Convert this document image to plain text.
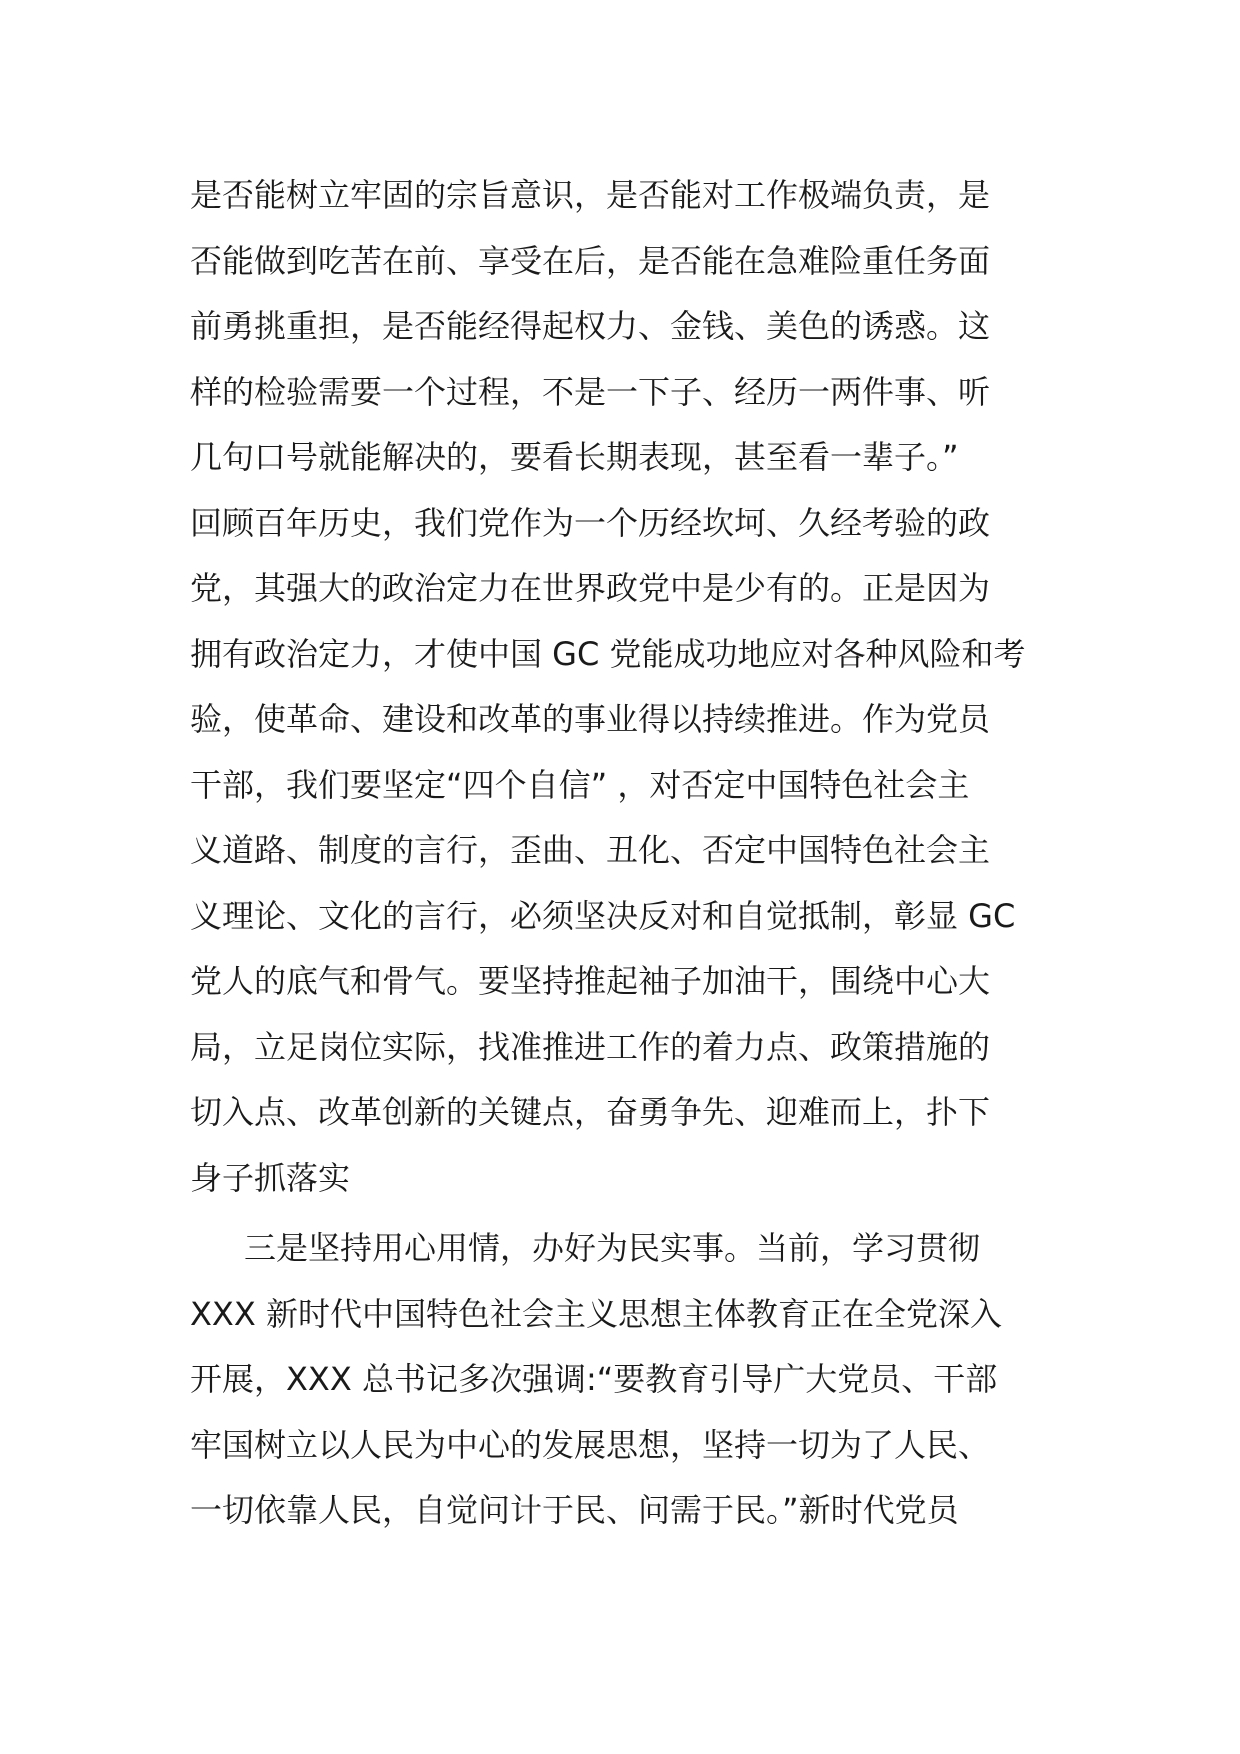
是否能树立牢固的宗旨意识，是否能对工作极端负责，是
否能做到吃苦在前、享受在后，是否能在急难险重任务面
前勇挑重担，是否能经得起权力、金钱、美色的诱惑。这
样的检验需要一个过程，不是一下子、经历一两件事、听
几句口号就能解决的，要看长期表现，甚至看一辈子。”
回顾百年历史，我们党作为一个历经坎坷、久经考验的政
党，其强大的政治定力在世界政党中是少有的。正是因为
拥有政治定力，才使中国 GC 党能成功地应对各种风险和考
验，使革命、建设和改革的事业得以持续推进。作为党员
干部，我们要坚定“四个自信” ，对否定中国特色社会主
义道路、制度的言行，歪曲、丑化、否定中国特色社会主
义理论、文化的言行，必须坚决反对和自觉抵制，彰显 GC
党人的底气和骨气。要坚持推起袖子加油干，围绕中心大
局，立足岗位实际，找准推进工作的着力点、政策措施的
切入点、改革创新的关键点，奋勇争先、迎难而上，扑下
身子抓落实
三是坚持用心用情，办好为民实事。当前，学习贯彻
XXX 新时代中国特色社会主义思想主体教育正在全党深入
开展，XXX 总书记多次强调:“要教育引导广大党员、干部
牢国树立以人民为中心的发展思想，坚持一切为了人民、
一切依靠人民，自觉问计于民、问需于民。”新时代党员
